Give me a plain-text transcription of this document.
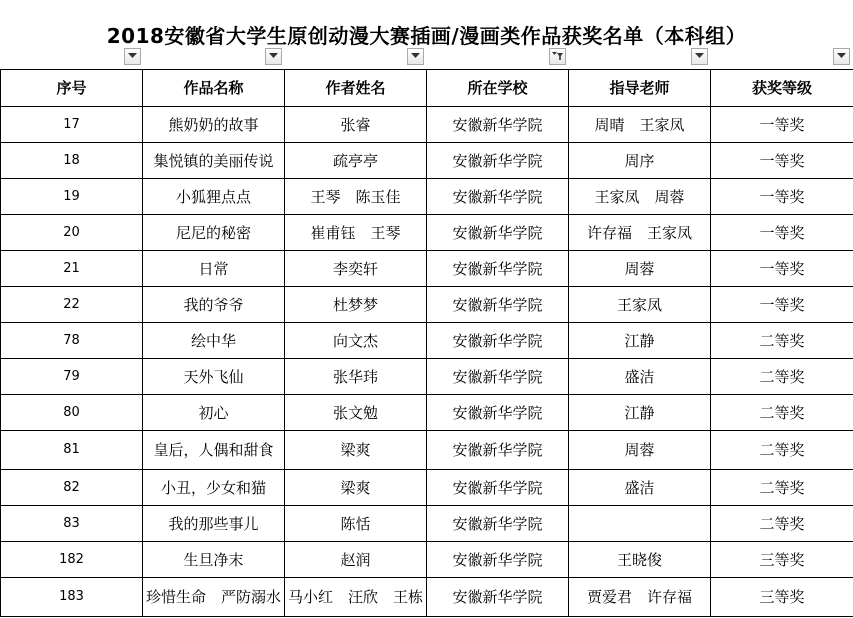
2018安徽省大学生原创动漫大赛插画/漫画类作品获奖名单（本科组）
序号	作品名称	作者姓名	所在学校	指导老师	获奖等级
17	熊奶奶的故事	张睿	安徽新华学院	周晴　王家凤	一等奖
18	集悦镇的美丽传说	疏亭亭	安徽新华学院	周序	一等奖
19	小狐狸点点	王琴　陈玉佳	安徽新华学院	王家凤　周蓉	一等奖
20	尼尼的秘密	崔甫钰　王琴	安徽新华学院	许存福　王家凤	一等奖
21	日常	李奕轩	安徽新华学院	周蓉	一等奖
22	我的爷爷	杜梦梦	安徽新华学院	王家凤	一等奖
78	绘中华	向文杰	安徽新华学院	江静	二等奖
79	天外飞仙	张华玮	安徽新华学院	盛洁	二等奖
80	初心	张文勉	安徽新华学院	江静	二等奖
81	皇后，人偶和甜食	梁爽	安徽新华学院	周蓉	二等奖
82	小丑，少女和猫	梁爽	安徽新华学院	盛洁	二等奖
83	我的那些事儿	陈恬	安徽新华学院		二等奖
182	生旦净末	赵润	安徽新华学院	王晓俊	三等奖
183	珍惜生命　严防溺水	马小红　汪欣　王栋	安徽新华学院	贾爱君　许存福	三等奖
